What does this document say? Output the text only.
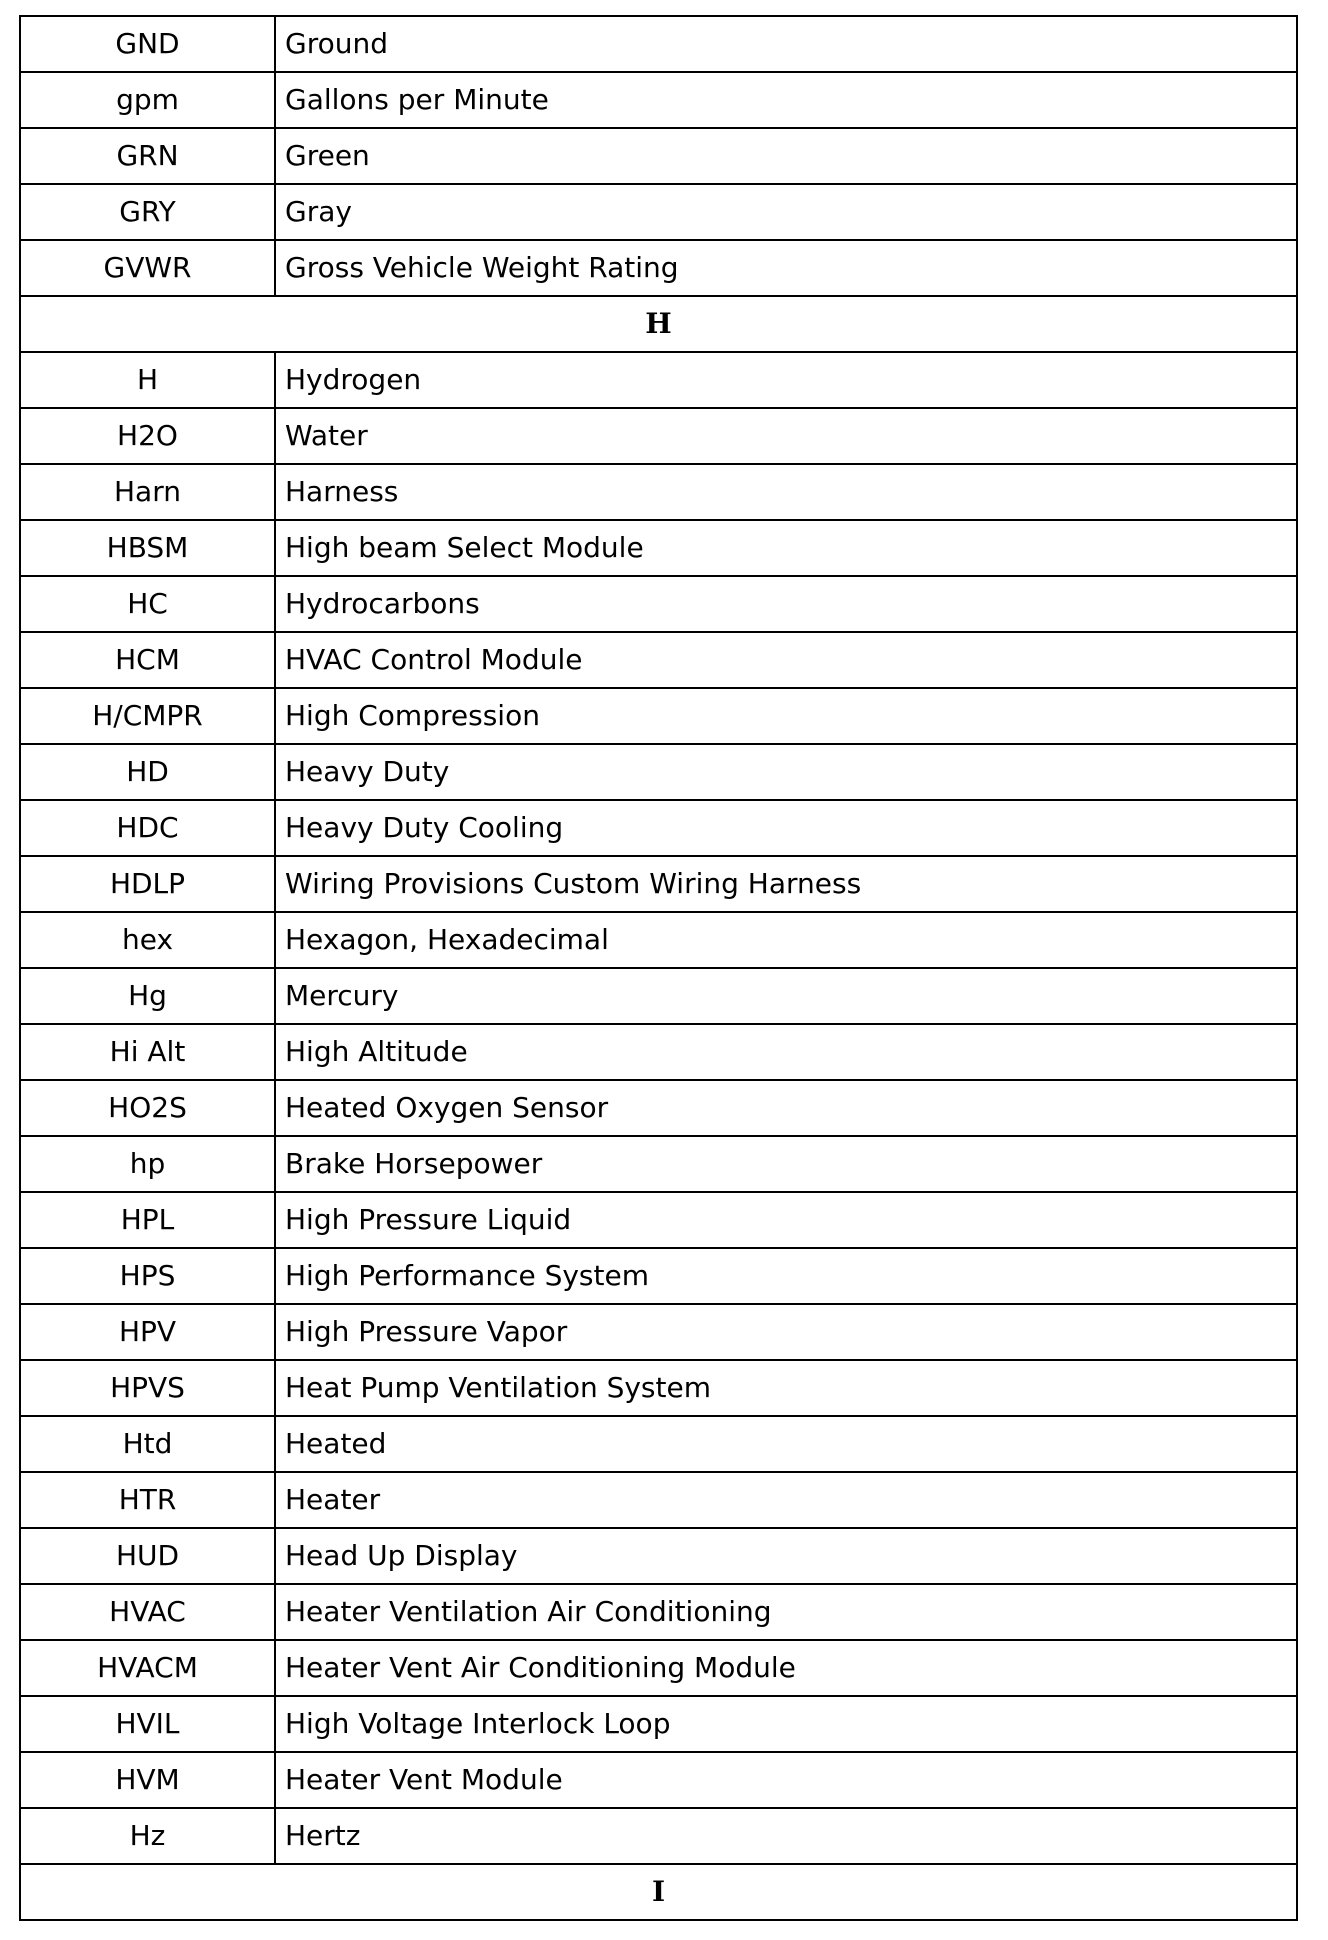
GND	Ground
gpm	Gallons per Minute
GRN	Green
GRY	Gray
GVWR	Gross Vehicle Weight Rating
H	
H	Hydrogen
H2O	Water
Harn	Harness
HBSM	High beam Select Module
HC	Hydrocarbons
HCM	HVAC Control Module
H/CMPR	High Compression
HD	Heavy Duty
HDC	Heavy Duty Cooling
HDLP	Wiring Provisions Custom Wiring Harness
hex	Hexagon, Hexadecimal
Hg	Mercury
Hi Alt	High Altitude
HO2S	Heated Oxygen Sensor
hp	Brake Horsepower
HPL	High Pressure Liquid
HPS	High Performance System
HPV	High Pressure Vapor
HPVS	Heat Pump Ventilation System
Htd	Heated
HTR	Heater
HUD	Head Up Display
HVAC	Heater Ventilation Air Conditioning
HVACM	Heater Vent Air Conditioning Module
HVIL	High Voltage Interlock Loop
HVM	Heater Vent Module
Hz	Hertz
I	
